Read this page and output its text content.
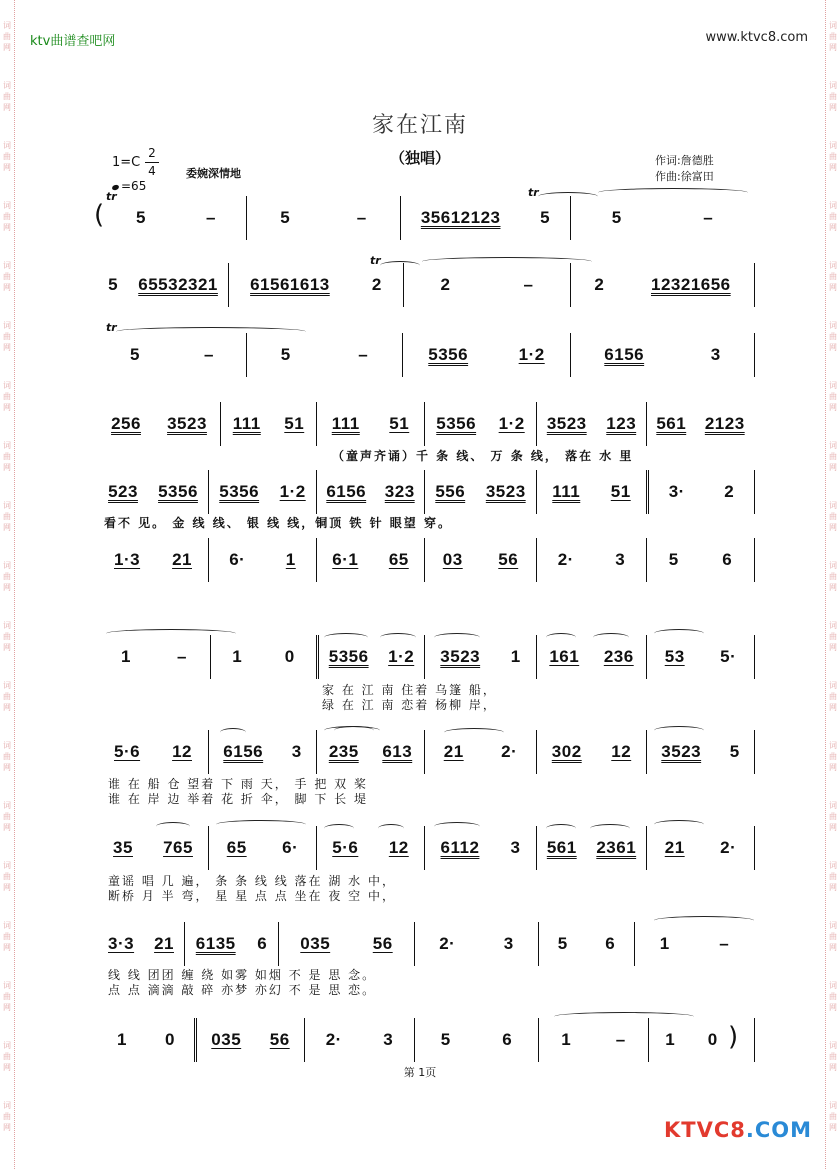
词
曲
网
词
曲
网
词
曲
网
词
曲
网
词
曲
网
词
曲
网
词
曲
网
词
曲
网
词
曲
网
词
曲
网
词
曲
网
词
曲
网
词
曲
网
词
曲
网
词
曲
网
词
曲
网
词
曲
网
词
曲
网
词
曲
网
词
曲
网
词
曲
网
词
曲
网
词
曲
网
词
曲
网
词
曲
网
词
曲
网
词
曲
网
词
曲
网
词
曲
网
词
曲
网
词
曲
网
词
曲
网
词
曲
网
词
曲
网
词
曲
网
词
曲
网
词
曲
网
词
曲
网
ktv曲谱查吧网	www.ktvc8.com
家在江南
（独唱）
1=C
2
4
=65
委婉深情地
作词:詹德胜
作曲:徐富田
( 5	–	5	–	35612123 5	5	–
tr	tr
5 65532321 61561613 2	2	–	2	12321656
tr
5	–	5	–	5356	1·2	6156	3
tr
256 3523 111 51 111 51 5356 1·2 3523 123 561 2123
（童声齐诵）千 条 线、 万 条 线， 落在 水 里
523 5356 5356 1·2 6156 323 556 3523 111 51 3· 2
看不 见。 金 线 线、 银 线 线，铜顶 铁 针 眼望 穿。
1·3 21 6· 1 6·1 65 03 56 2· 3	5	6
1	–	1	0 5356 1·2 3523 1 161 236 53 5·
家 在 江 南 住着 乌篷 船，
绿 在 江 南 恋着 杨柳 岸，
5·6 12 6156 3 235 613 21 2· 302 12 3523 5
谁 在 船 仓 望着 下 雨 天， 手 把 双 桨
谁 在 岸 边 举着 花 折 伞， 脚 下 长 堤
35 765 65 6· 5·6 12 6112 3 561 2361 21 2·
童谣 唱 几 遍， 条 条 线 线 落在 湖 水 中，
断桥 月 半 弯， 星 星 点 点 坐在 夜 空 中，
3·3 21 6135 6 035	56	2·	3	5 6	1	–
线 线 团团 缠 绕 如雾 如烟 不 是 思 念。
点 点 滴滴 敲 碎 亦梦 亦幻 不 是 思 恋。
1 0 035 56 2· 3	5	6	1	– 1 0 )
第 1页
KTVC8.COM
